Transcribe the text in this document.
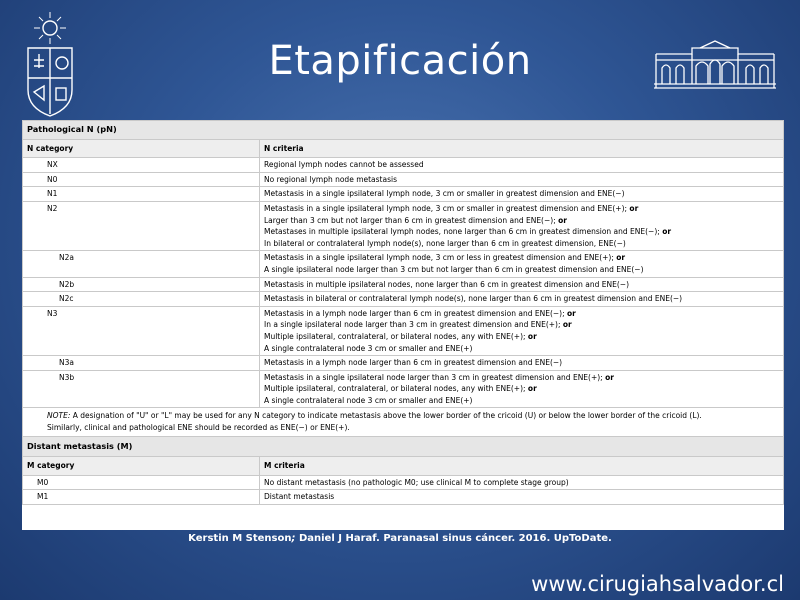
Etapificación
Pathological N (pN)	
N category	N criteria
NX	Regional lymph nodes cannot be assessed

N0	No regional lymph node metastasis

N1	Metastasis in a single ipsilateral lymph node, 3 cm or smaller in greatest dimension and ENE(−)

N2	Metastasis in a single ipsilateral lymph node, 3 cm or smaller in greatest dimension and ENE(+); or
Larger than 3 cm but not larger than 6 cm in greatest dimension and ENE(−); or
Metastases in multiple ipsilateral lymph nodes, none larger than 6 cm in greatest dimension and ENE(−); or
In bilateral or contralateral lymph node(s), none larger than 6 cm in greatest dimension, ENE(−)

N2a	Metastasis in a single ipsilateral lymph node, 3 cm or less in greatest dimension and ENE(+); or
A single ipsilateral node larger than 3 cm but not larger than 6 cm in greatest dimension and ENE(−)

N2b	Metastasis in multiple ipsilateral nodes, none larger than 6 cm in greatest dimension and ENE(−)

N2c	Metastasis in bilateral or contralateral lymph node(s), none larger than 6 cm in greatest dimension and ENE(−)

N3	Metastasis in a lymph node larger than 6 cm in greatest dimension and ENE(−); or
In a single ipsilateral node larger than 3 cm in greatest dimension and ENE(+); or
Multiple ipsilateral, contralateral, or bilateral nodes, any with ENE(+); or
A single contralateral node 3 cm or smaller and ENE(+)

N3a	Metastasis in a lymph node larger than 6 cm in greatest dimension and ENE(−)

N3b	Metastasis in a single ipsilateral node larger than 3 cm in greatest dimension and ENE(+); or
Multiple ipsilateral, contralateral, or bilateral nodes, any with ENE(+); or
A single contralateral node 3 cm or smaller and ENE(+)

NOTE: A designation of "U" or "L" may be used for any N category to indicate metastasis above the lower border of the cricoid (U) or below the lower border of the cricoid (L).
Similarly, clinical and pathological ENE should be recorded as ENE(−) or ENE(+).	

Distant metastasis (M)	
M category	M criteria
M0	No distant metastasis (no pathologic M0; use clinical M to complete stage group)
M1	Distant metastasis
Kerstin M Stenson; Daniel J Haraf. Paranasal sinus cáncer. 2016. UpToDate.
www.cirugiahsalvador.cl
